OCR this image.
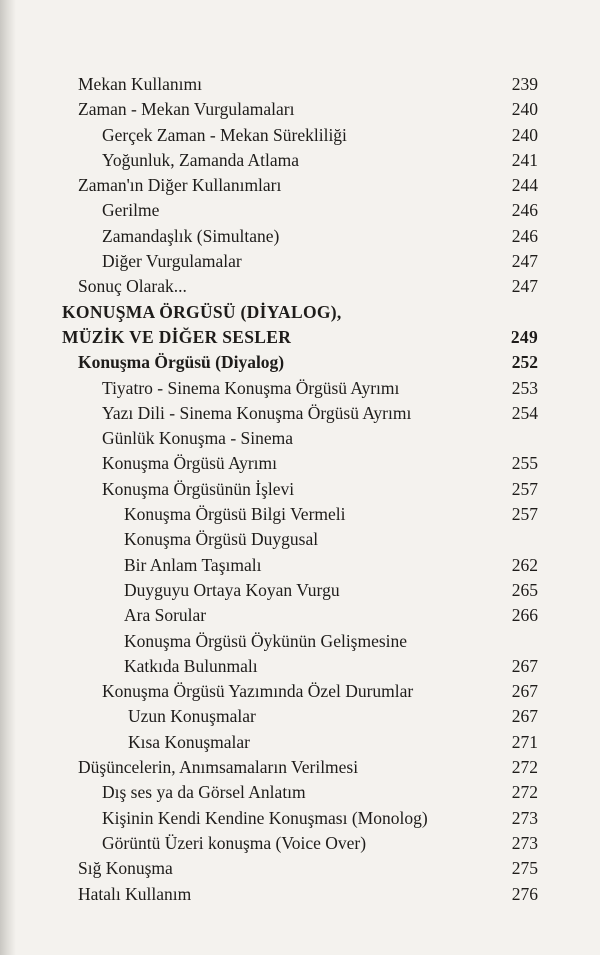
Mekan Kullanımı	239
Zaman - Mekan Vurgulamaları	240
Gerçek Zaman - Mekan Sürekliliği	240
Yoğunluk, Zamanda Atlama	241
Zaman'ın Diğer Kullanımları	244
Gerilme	246
Zamandaşlık (Simultane)	246
Diğer Vurgulamalar	247
Sonuç Olarak...	247
KONUŞMA ÖRGÜSÜ (DİYALOG),
MÜZİK VE DİĞER SESLER	249
Konuşma Örgüsü (Diyalog)	252
Tiyatro - Sinema Konuşma Örgüsü Ayrımı	253
Yazı Dili - Sinema Konuşma Örgüsü Ayrımı	254
Günlük Konuşma - Sinema
Konuşma Örgüsü Ayrımı	255
Konuşma Örgüsünün İşlevi	257
Konuşma Örgüsü Bilgi Vermeli	257
Konuşma Örgüsü Duygusal
Bir Anlam Taşımalı	262
Duyguyu Ortaya Koyan Vurgu	265
Ara Sorular	266
Konuşma Örgüsü Öykünün Gelişmesine
Katkıda Bulunmalı	267
Konuşma Örgüsü Yazımında Özel Durumlar	267
Uzun Konuşmalar	267
Kısa Konuşmalar	271
Düşüncelerin, Anımsamaların Verilmesi	272
Dış ses ya da Görsel Anlatım	272
Kişinin Kendi Kendine Konuşması (Monolog)	273
Görüntü Üzeri konuşma (Voice Over)	273
Sığ Konuşma	275
Hatalı Kullanım	276
